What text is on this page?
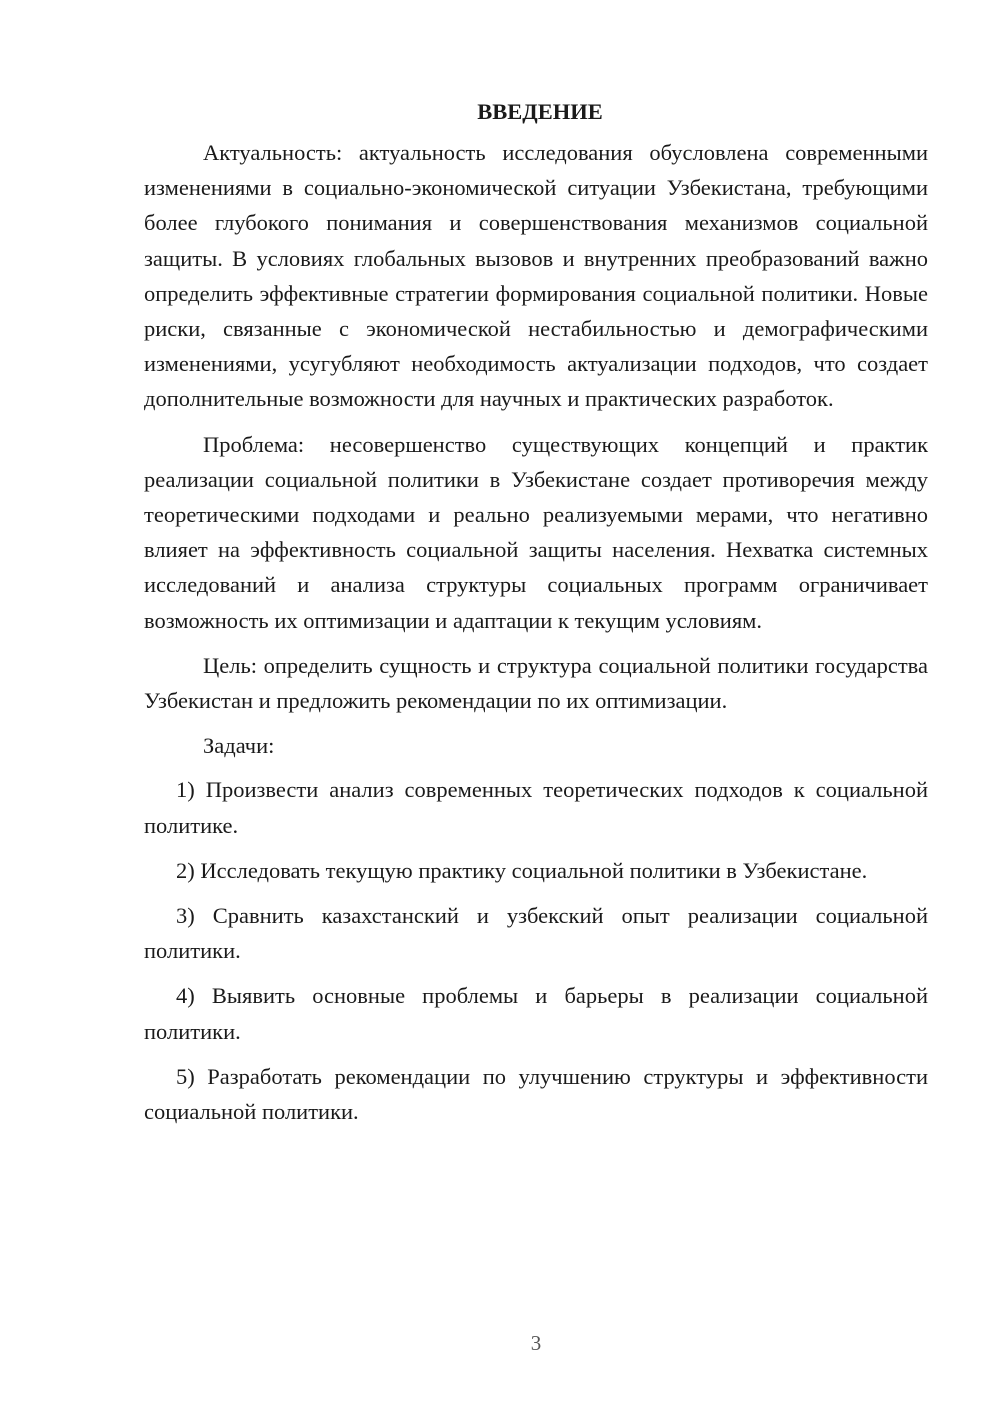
ВВЕДЕНИЕ

Актуальность: актуальность исследования обусловлена современными изменениями в социально-экономической ситуации Узбекистана, требующими более глубокого понимания и совершенствования механизмов социальной защиты. В условиях глобальных вызовов и внутренних преобразований важно определить эффективные стратегии формирования социальной политики. Новые риски, связанные с экономической нестабильностью и демографическими изменениями, усугубляют необходимость актуализации подходов, что создает дополнительные возможности для научных и практических разработок.

Проблема: несовершенство существующих концепций и практик реализации социальной политики в Узбекистане создает противоречия между теоретическими подходами и реально реализуемыми мерами, что негативно влияет на эффективность социальной защиты населения. Нехватка системных исследований и анализа структуры социальных программ ограничивает возможность их оптимизации и адаптации к текущим условиям.

Цель: определить сущность и структура социальной политики государства Узбекистан и предложить рекомендации по их оптимизации.

Задачи:

1) Произвести анализ современных теоретических подходов к социальной политике.

2) Исследовать текущую практику социальной политики в Узбекистане.

3) Сравнить казахстанский и узбекский опыт реализации социальной политики.

4) Выявить основные проблемы и барьеры в реализации социальной политики.

5) Разработать рекомендации по улучшению структуры и эффективности социальной политики.

3
